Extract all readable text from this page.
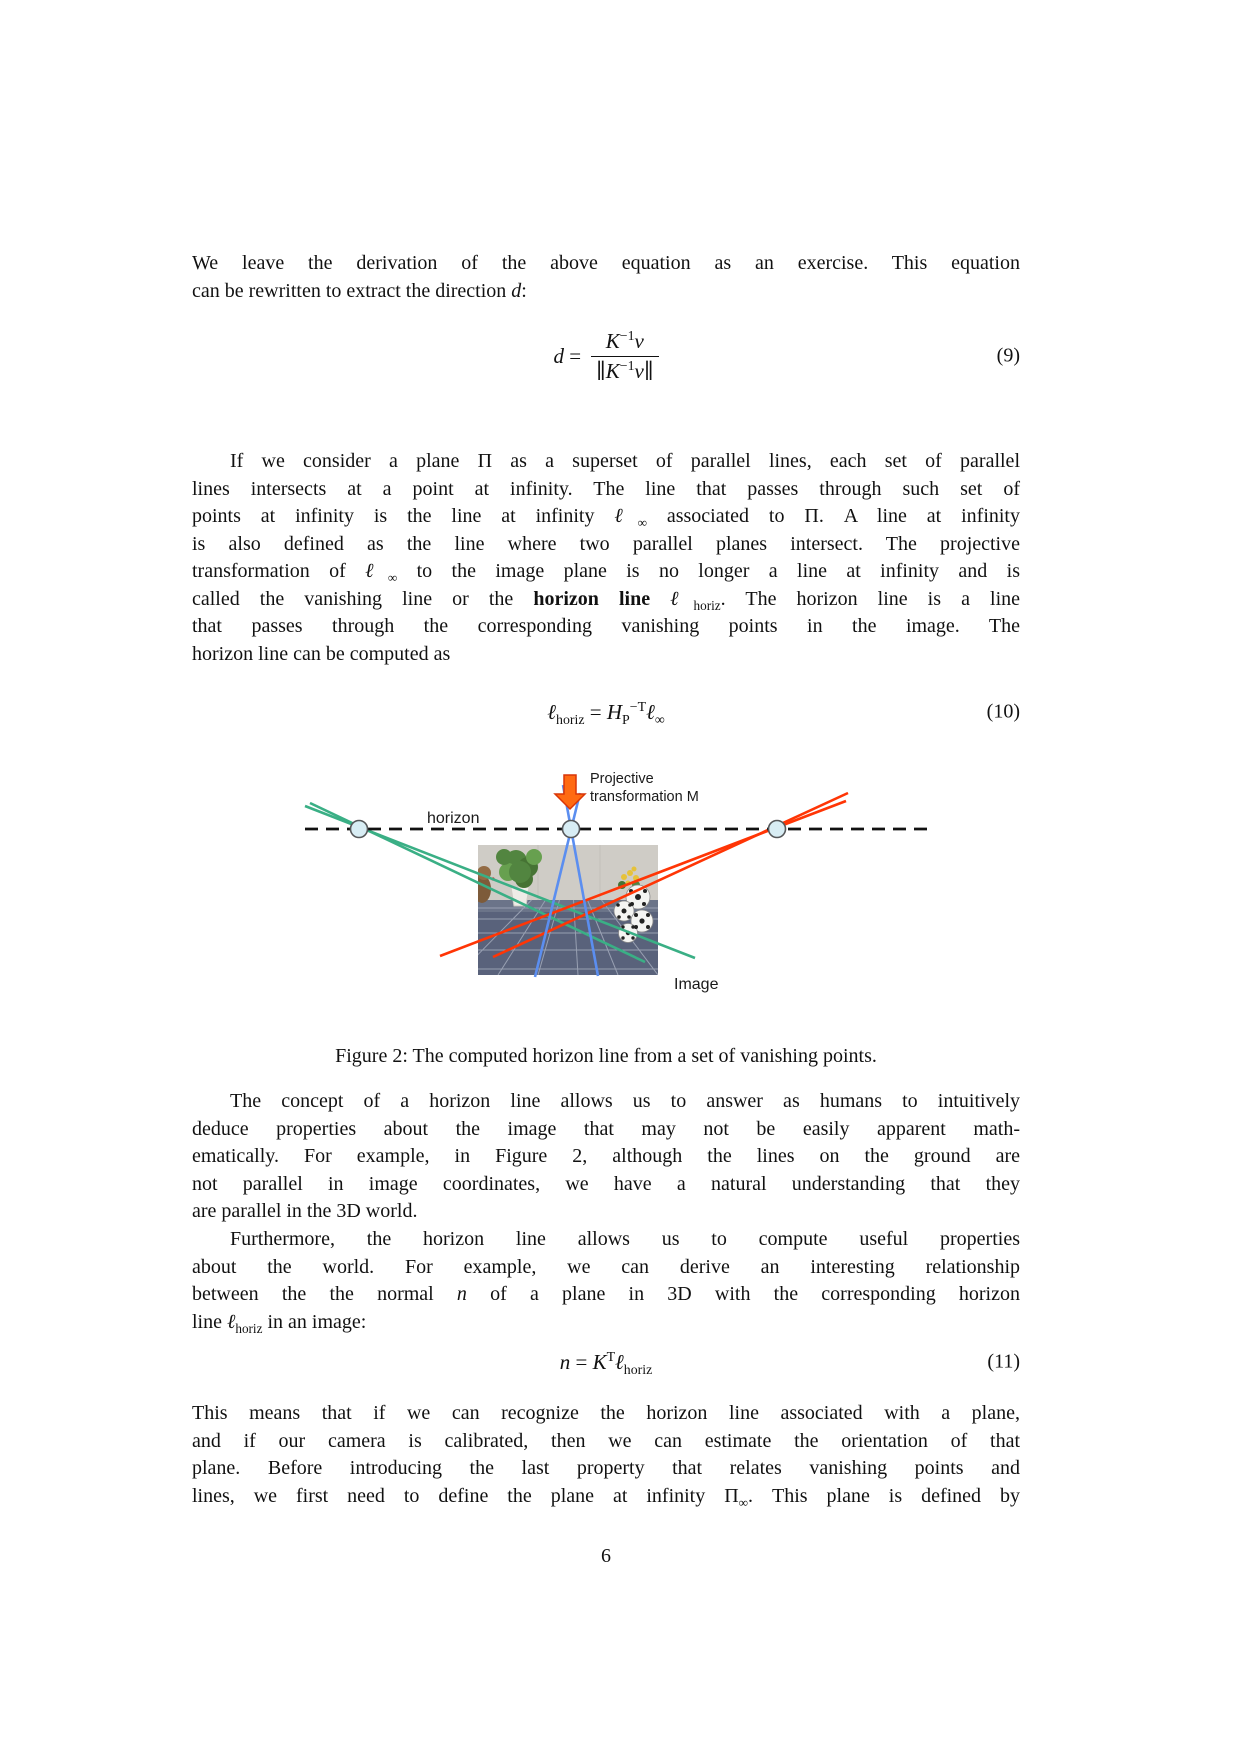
We leave the derivation of the above equation as an exercise. This equation
can be rewritten to extract the direction d:
$d = \frac{K^{-1}v}{\parallel K^{-1}v\parallel}$	(9)
If we consider a plane Π as a superset of parallel lines, each set of parallel
lines intersects at a point at infinity. The line that passes through such set of
points at infinity is the line at infinity ℓ$_\infty$ associated to Π. A line at infinity
is also defined as the line where two parallel planes intersect. The projective
transformation of ℓ$_\infty$ to the image plane is no longer a line at infinity and is
called the vanishing line or the horizon line ℓ$_{horiz}$. The horizon line is a line
that passes through the corresponding vanishing points in the image. The
horizon line can be computed as
ℓ$_{horiz}$ = $H_P^{-T}\ell_\infty$	(10)
Projective
transformation M
horizon
Image
Figure 2: The computed horizon line from a set of vanishing points.
The concept of a horizon line allows us to answer as humans to intuitively
deduce properties about the image that may not be easily apparent math-
ematically. For example, in Figure 2, although the lines on the ground are
not parallel in image coordinates, we have a natural understanding that they
are parallel in the 3D world.
Furthermore, the horizon line allows us to compute useful properties
about the world. For example, we can derive an interesting relationship
between the the normal n of a plane in 3D with the corresponding horizon
line ℓ$_{horiz}$ in an image:
$n = K^T\ell_{horiz}$	(11)
This means that if we can recognize the horizon line associated with a plane,
and if our camera is calibrated, then we can estimate the orientation of that
plane. Before introducing the last property that relates vanishing points and
lines, we first need to define the plane at infinity $\Pi_\infty$. This plane is defined by
6
